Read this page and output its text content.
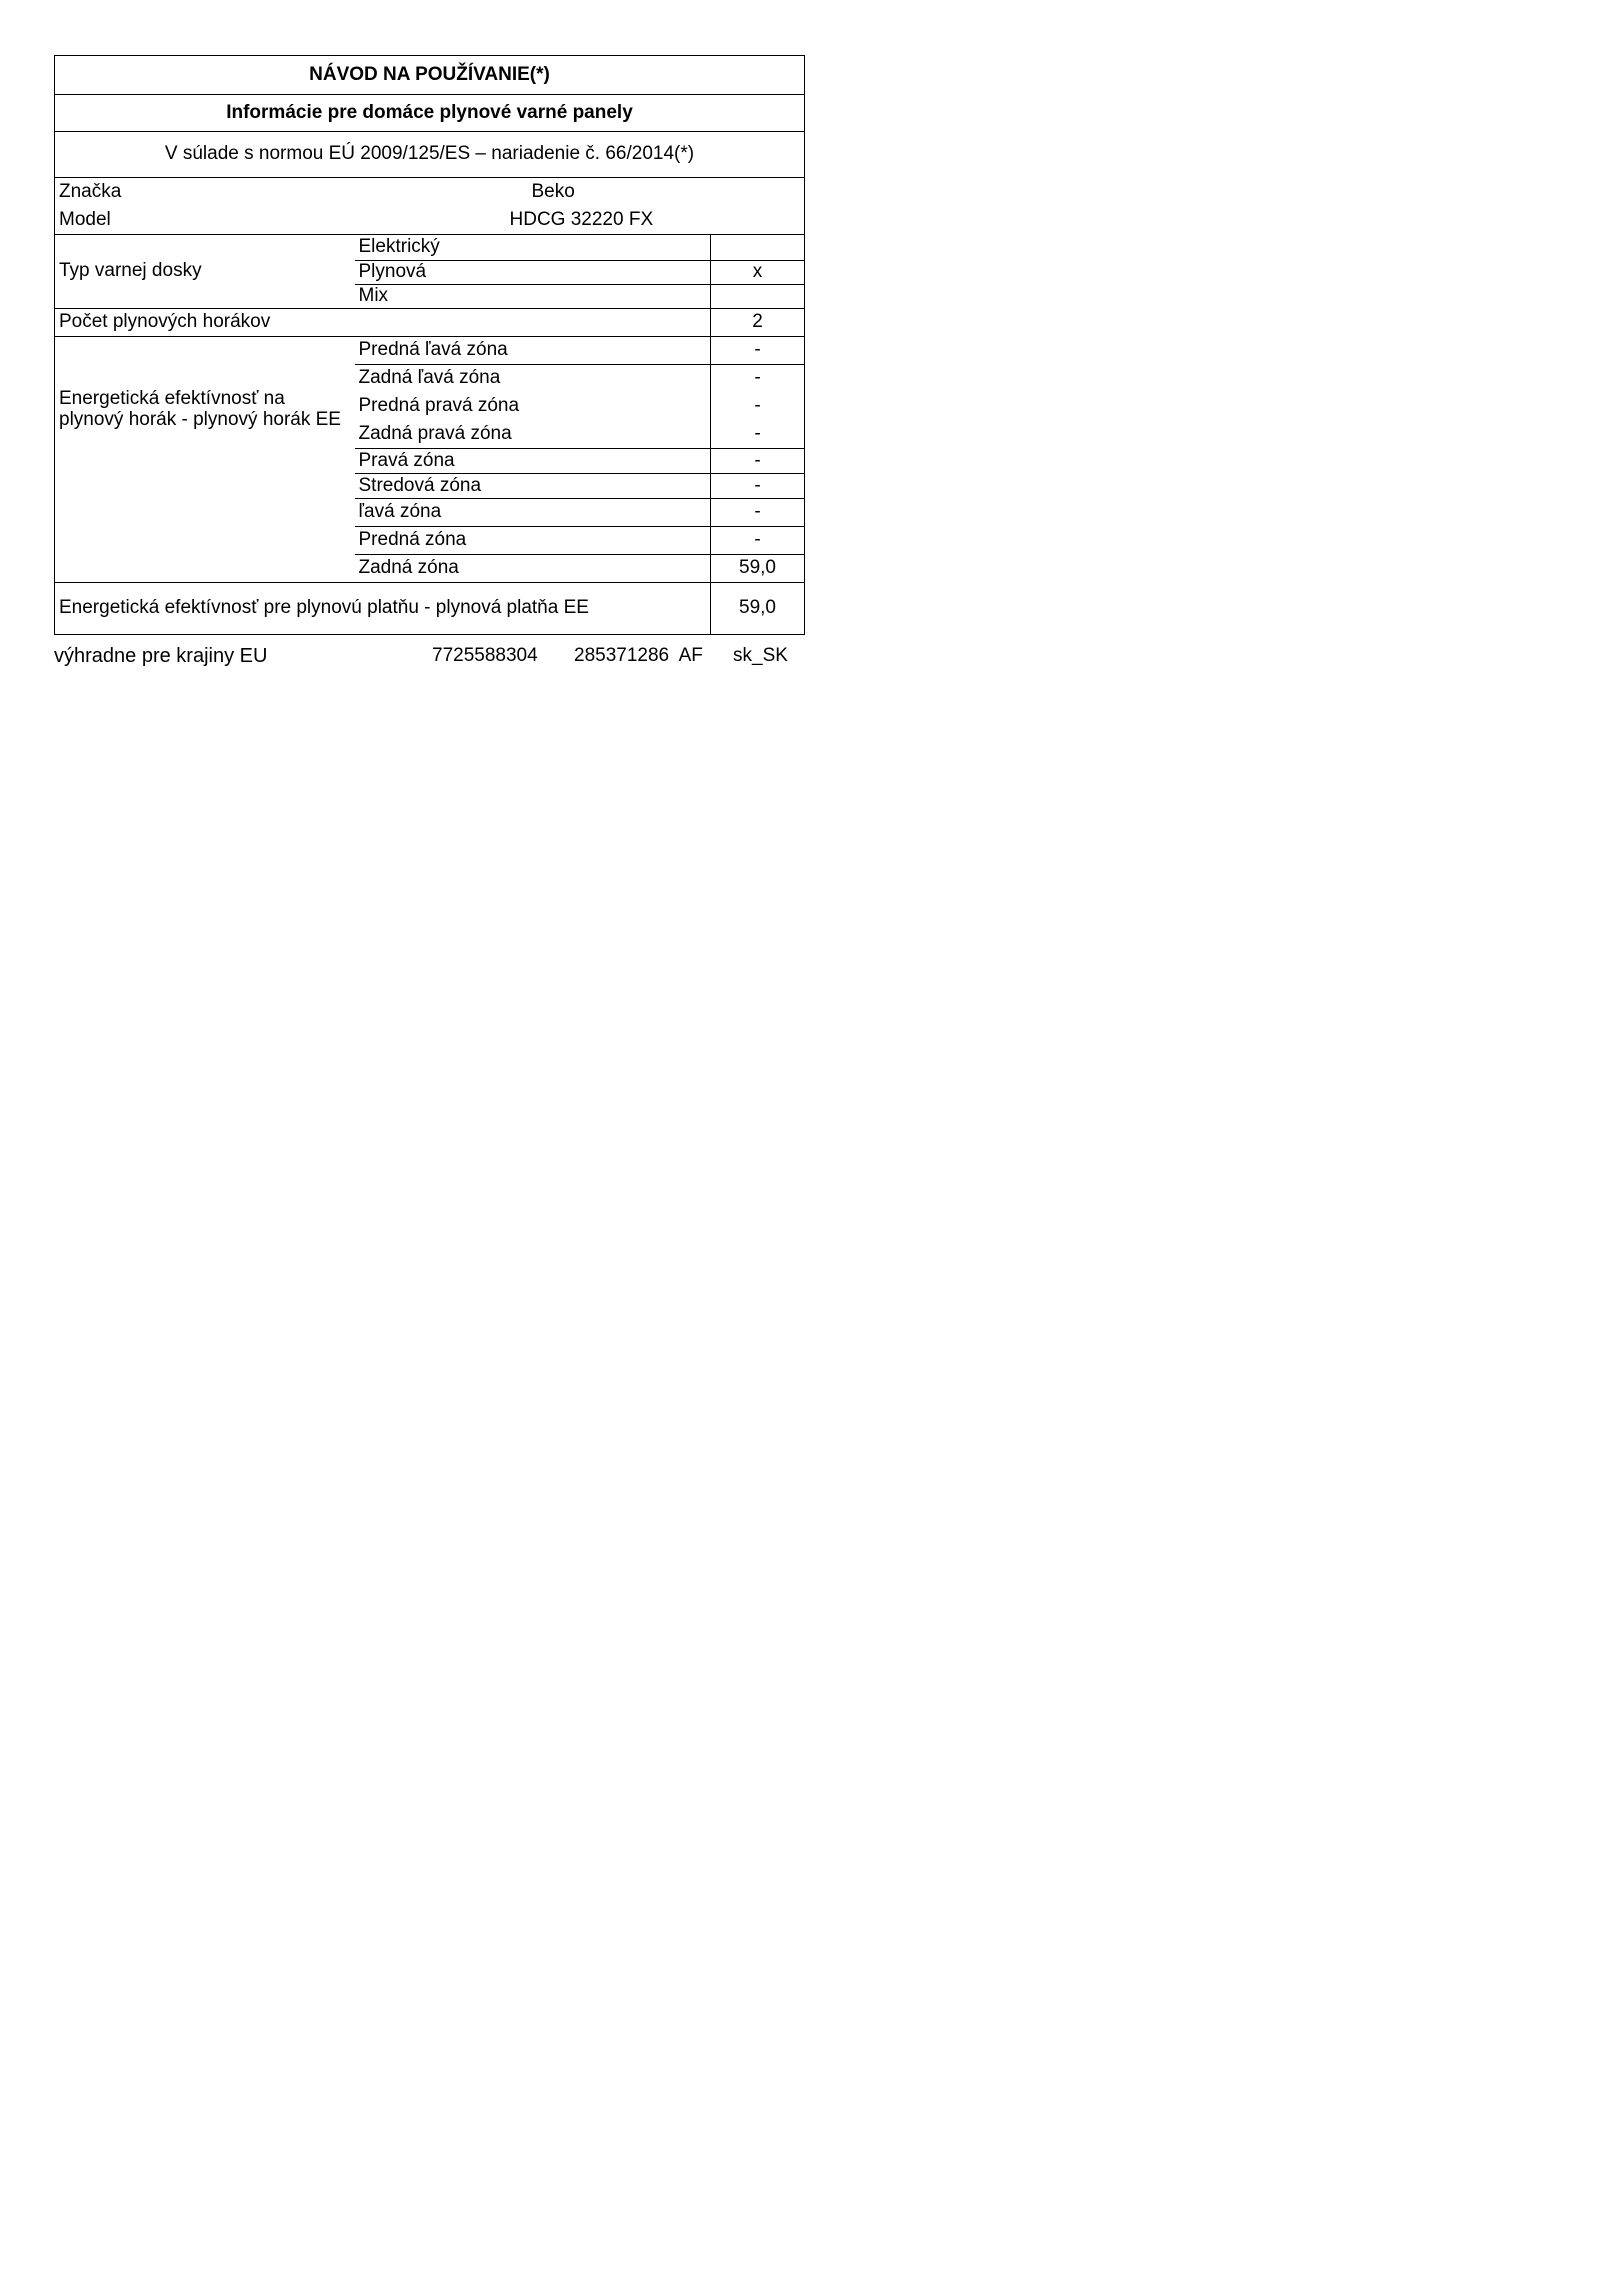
NÁVOD NA POUŽÍVANIE(*)		
Informácie pre domáce plynové varné panely		
V súlade s normou EÚ 2009/125/ES – nariadenie č. 66/2014(*)		
Značka	Beko	
Model	HDCG 32220 FX	
Typ varnej dosky	Elektrický	
	Plynová	x
	Mix	
Počet plynových horákov		2
Energetická efektívnosť na
plynový horák - plynový horák EE	Predná ľavá zóna	-
	Zadná ľavá zóna	-
	Predná pravá zóna	-
	Zadná pravá zóna	-
	Pravá zóna	-
	Stredová zóna	-
	ľavá zóna	-
	Predná zóna	-
	Zadná zóna	59,0
Energetická efektívnosť pre plynovú platňu - plynová platňa EE		59,0
výhradne pre krajiny EU	7725588304 285371286  AF sk_SK
